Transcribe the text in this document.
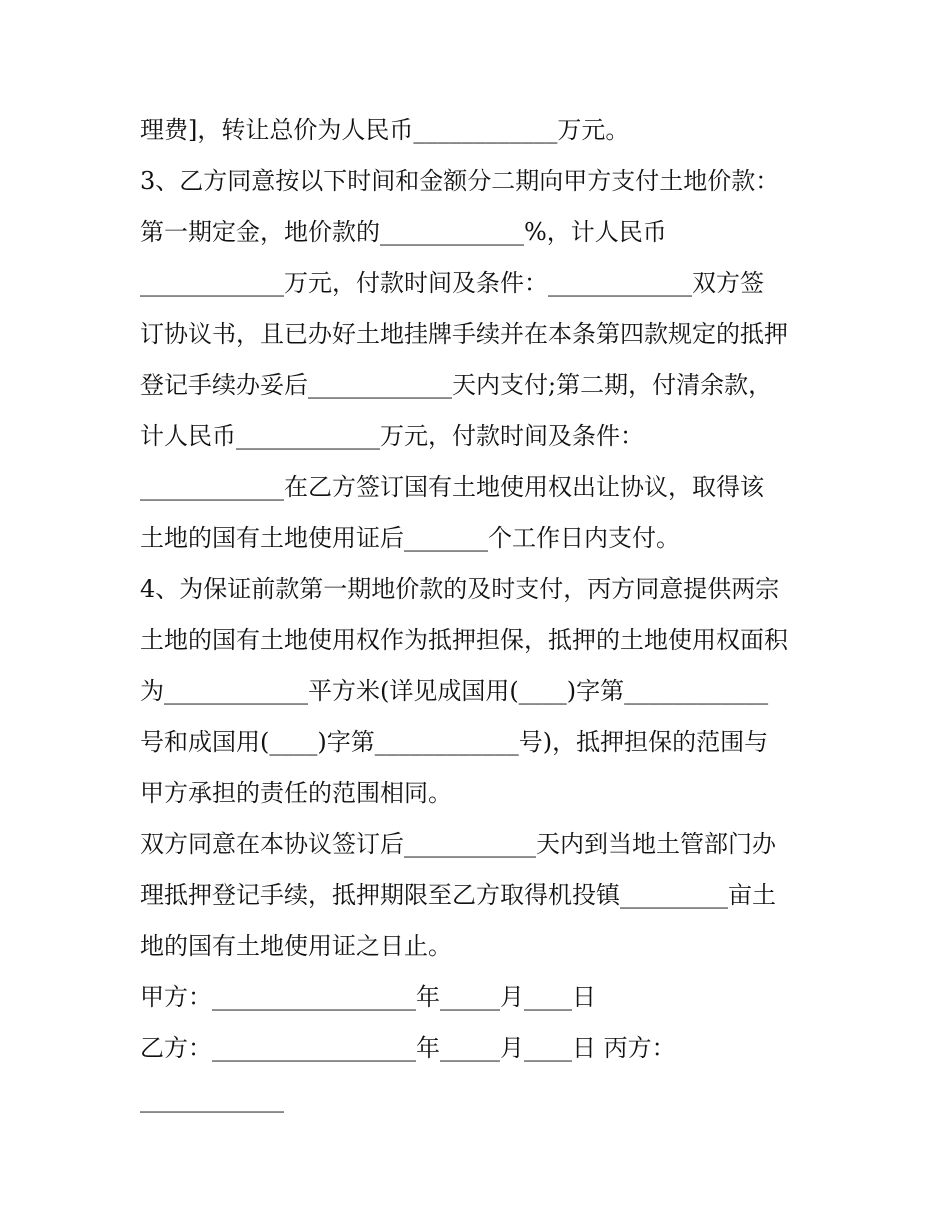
理费]，转让总价为人民币____________万元。
3、乙方同意按以下时间和金额分二期向甲方支付土地价款：
第一期定金，地价款的____________%，计人民币
____________万元，付款时间及条件：____________双方签
订协议书，且已办好土地挂牌手续并在本条第四款规定的抵押
登记手续办妥后____________天内支付;第二期，付清余款，
计人民币____________万元，付款时间及条件：
____________在乙方签订国有土地使用权出让协议，取得该
土地的国有土地使用证后_______个工作日内支付。
4、为保证前款第一期地价款的及时支付，丙方同意提供两宗
土地的国有土地使用权作为抵押担保，抵押的土地使用权面积
为____________平方米(详见成国用(____)字第____________
号和成国用(____)字第____________号)，抵押担保的范围与
甲方承担的责任的范围相同。
双方同意在本协议签订后___________天内到当地土管部门办
理抵押登记手续，抵押期限至乙方取得机投镇_________亩土
地的国有土地使用证之日止。
甲方：_________________年_____月____日
乙方：_________________年_____月____日 丙方：
____________
